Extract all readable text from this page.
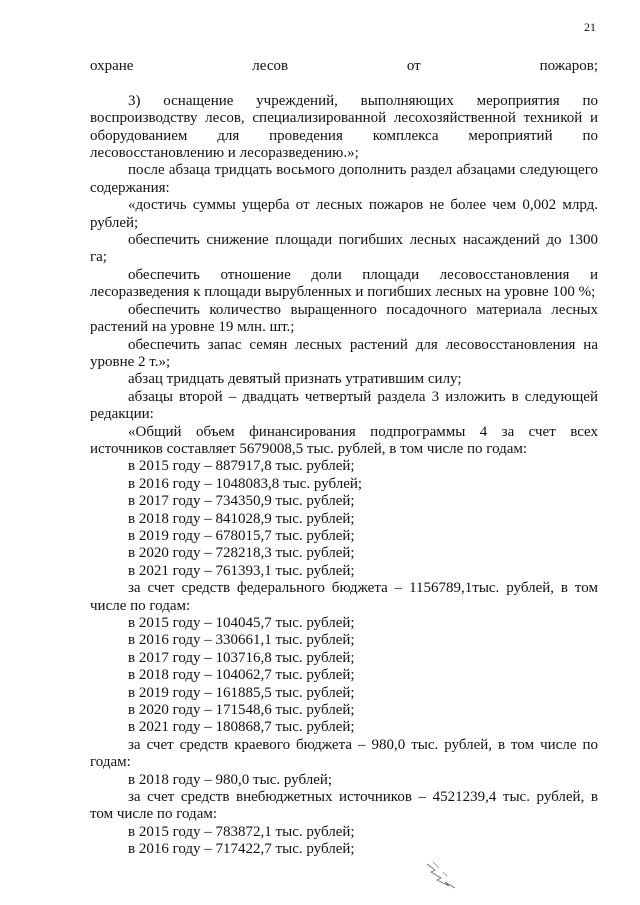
21

охране лесов от пожаров;

3) оснащение учреждений, выполняющих мероприятия по воспроизводству лесов, специализированной лесохозяйственной техникой и оборудованием для проведения комплекса мероприятий по лесовосстановлению и лесоразведению.»;

после абзаца тридцать восьмого дополнить раздел абзацами следующего содержания:

«достичь суммы ущерба от лесных пожаров не более чем 0,002 млрд. рублей;

обеспечить снижение площади погибших лесных насаждений до 1300 га;

обеспечить отношение доли площади лесовосстановления и лесоразведения к площади вырубленных и погибших лесных на уровне 100 %;

обеспечить количество выращенного посадочного материала лесных растений на уровне 19 млн. шт.;

обеспечить запас семян лесных растений для лесовосстановления на уровне 2 т.»;

абзац тридцать девятый признать утратившим силу;

абзацы второй – двадцать четвертый раздела 3 изложить в следующей редакции:

«Общий объем финансирования подпрограммы 4 за счет всех источников составляет 5679008,5 тыс. рублей, в том числе по годам:

в 2015 году – 887917,8 тыс. рублей;

в 2016 году – 1048083,8 тыс. рублей;

в 2017 году – 734350,9 тыс. рублей;

в 2018 году – 841028,9 тыс. рублей;

в 2019 году – 678015,7 тыс. рублей;

в 2020 году – 728218,3 тыс. рублей;

в 2021 году – 761393,1 тыс. рублей;

за счет средств федерального бюджета – 1156789,1тыс. рублей, в том числе по годам:

в 2015 году – 104045,7 тыс. рублей;

в 2016 году – 330661,1 тыс. рублей;

в 2017 году – 103716,8 тыс. рублей;

в 2018 году – 104062,7 тыс. рублей;

в 2019 году – 161885,5 тыс. рублей;

в 2020 году – 171548,6 тыс. рублей;

в 2021 году – 180868,7 тыс. рублей;

за счет средств краевого бюджета – 980,0 тыс. рублей, в том числе по годам:

в 2018 году – 980,0 тыс. рублей;

за счет средств внебюджетных источников – 4521239,4 тыс. рублей, в том числе по годам:

в 2015 году – 783872,1 тыс. рублей;

в 2016 году – 717422,7 тыс. рублей;
